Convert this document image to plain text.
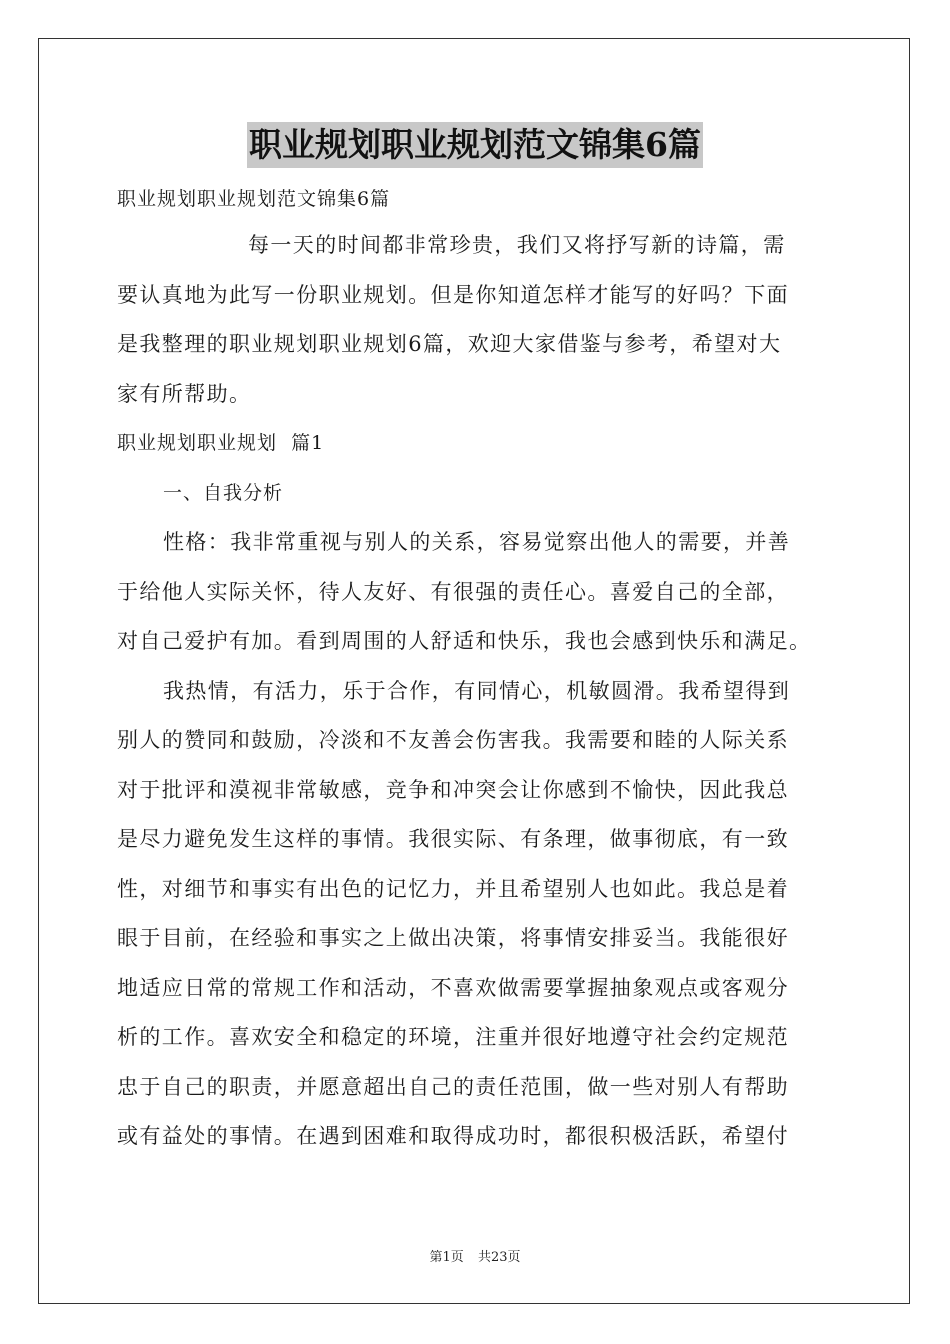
职业规划职业规划范文锦集6篇
职业规划职业规划范文锦集6篇
每一天的时间都非常珍贵，我们又将抒写新的诗篇，需
要认真地为此写一份职业规划。但是你知道怎样才能写的好吗？下面
是我整理的职业规划职业规划6篇，欢迎大家借鉴与参考，希望对大
家有所帮助。
职业规划职业规划  篇1
一、自我分析
性格：我非常重视与别人的关系，容易觉察出他人的需要，并善
于给他人实际关怀，待人友好、有很强的责任心。喜爱自己的全部，
对自己爱护有加。看到周围的人舒适和快乐，我也会感到快乐和满足。
我热情，有活力，乐于合作，有同情心，机敏圆滑。我希望得到
别人的赞同和鼓励，冷淡和不友善会伤害我。我需要和睦的人际关系
对于批评和漠视非常敏感，竞争和冲突会让你感到不愉快，因此我总
是尽力避免发生这样的事情。我很实际、有条理，做事彻底，有一致
性，对细节和事实有出色的记忆力，并且希望别人也如此。我总是着
眼于目前，在经验和事实之上做出决策，将事情安排妥当。我能很好
地适应日常的常规工作和活动，不喜欢做需要掌握抽象观点或客观分
析的工作。喜欢安全和稳定的环境，注重并很好地遵守社会约定规范
忠于自己的职责，并愿意超出自己的责任范围，做一些对别人有帮助
或有益处的事情。在遇到困难和取得成功时，都很积极活跃，希望付
第1页 共23页
